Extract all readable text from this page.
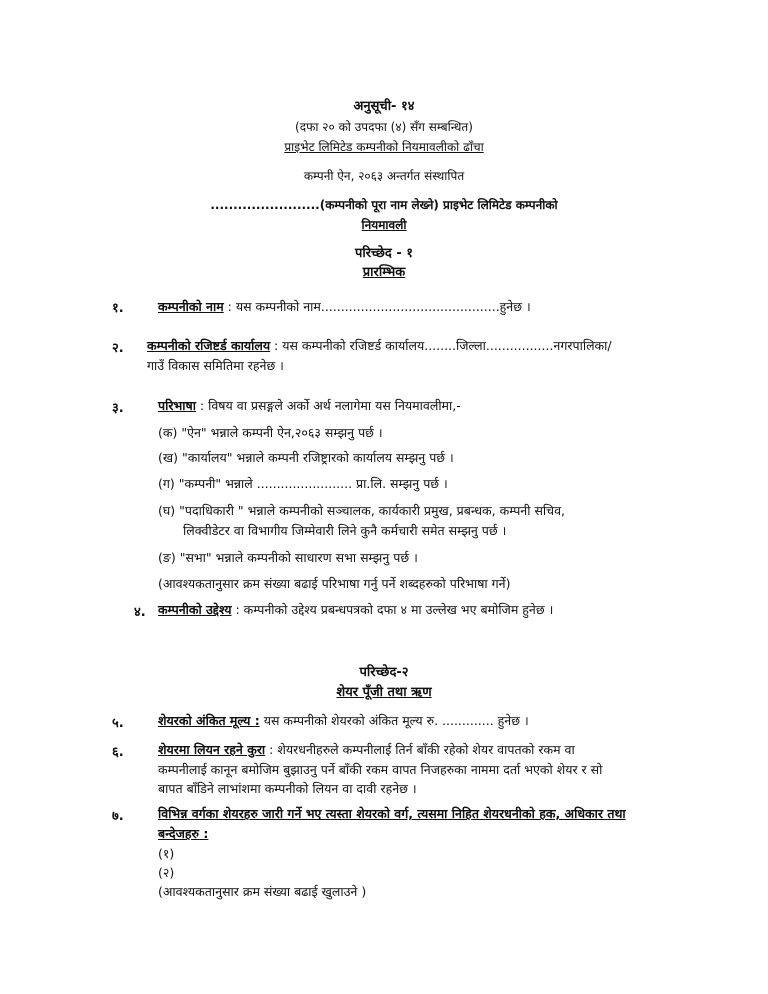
अनुसूची- १४
(दफा २० को उपदफा (४) सँग सम्बन्धित)
प्राइभेट लिमिटेड कम्पनीको नियमावलीको ढाँचा
कम्पनी ऐन, २०६३ अन्तर्गत संस्थापित
........................(कम्पनीको पूरा नाम लेख्ने) प्राइभेट लिमिटेड कम्पनीको
नियमावली
परिच्छेद - १
प्रारम्भिक
१.	कम्पनीको नाम : यस कम्पनीको नाम.............................................हुनेछ ।
२. कम्पनीको रजिष्टर्ड कार्यालय : यस कम्पनीको रजिष्टर्ड कार्यालय........जिल्ला.................नगरपालिका/
गाउँ विकास समितिमा रहनेछ ।
३.	परिभाषा : विषय वा प्रसङ्गले अर्को अर्थ नलागेमा यस नियमावलीमा,-
(क) "ऐन" भन्नाले कम्पनी ऐन,२०६३ सम्झनु पर्छ ।
(ख) "कार्यालय" भन्नाले कम्पनी रजिष्ट्रारको कार्यालय सम्झनु पर्छ ।
(ग) "कम्पनी" भन्नाले ........................ प्रा.लि. सम्झनु पर्छ ।
(घ) "पदाधिकारी " भन्नाले कम्पनीको सञ्चालक, कार्यकारी प्रमुख, प्रबन्धक, कम्पनी सचिव,
लिक्वीडेटर वा विभागीय जिम्मेवारी लिने कुनै कर्मचारी समेत सम्झनु पर्छ ।
(ङ) "सभा" भन्नाले कम्पनीको साधारण सभा सम्झनु पर्छ ।
(आवश्यकतानुसार क्रम संख्या बढाई परिभाषा गर्नु पर्ने शब्दहरुको परिभाषा गर्ने)
४. कम्पनीको उद्देश्य : कम्पनीको उद्देश्य प्रबन्धपत्रको दफा ४ मा उल्लेख भए बमोजिम हुनेछ ।
परिच्छेद-२
शेयर पूँजी तथा ऋण
५.	शेयरको अंकित मूल्य : यस कम्पनीको शेयरको अंकित मूल्य रु. ............. हुनेछ ।
६.	शेयरमा लियन रहने कुरा : शेयरधनीहरुले कम्पनीलाई तिर्न बाँकी रहेको शेयर वापतको रकम वा
कम्पनीलाई कानून बमोजिम बुझाउनु पर्ने बाँकी रकम वापत निजहरुका नाममा दर्ता भएको शेयर र सो
बापत बाँडिने लाभांशमा कम्पनीको लियन वा दावी रहनेछ ।
७.	विभिन्न वर्गका शेयरहरु जारी गर्ने भए त्यस्ता शेयरको वर्ग, त्यसमा निहित शेयरधनीको हक, अधिकार तथा
बन्देजहरु :
(१)
(२)
(आवश्यकतानुसार क्रम संख्या बढाई खुलाउने )
